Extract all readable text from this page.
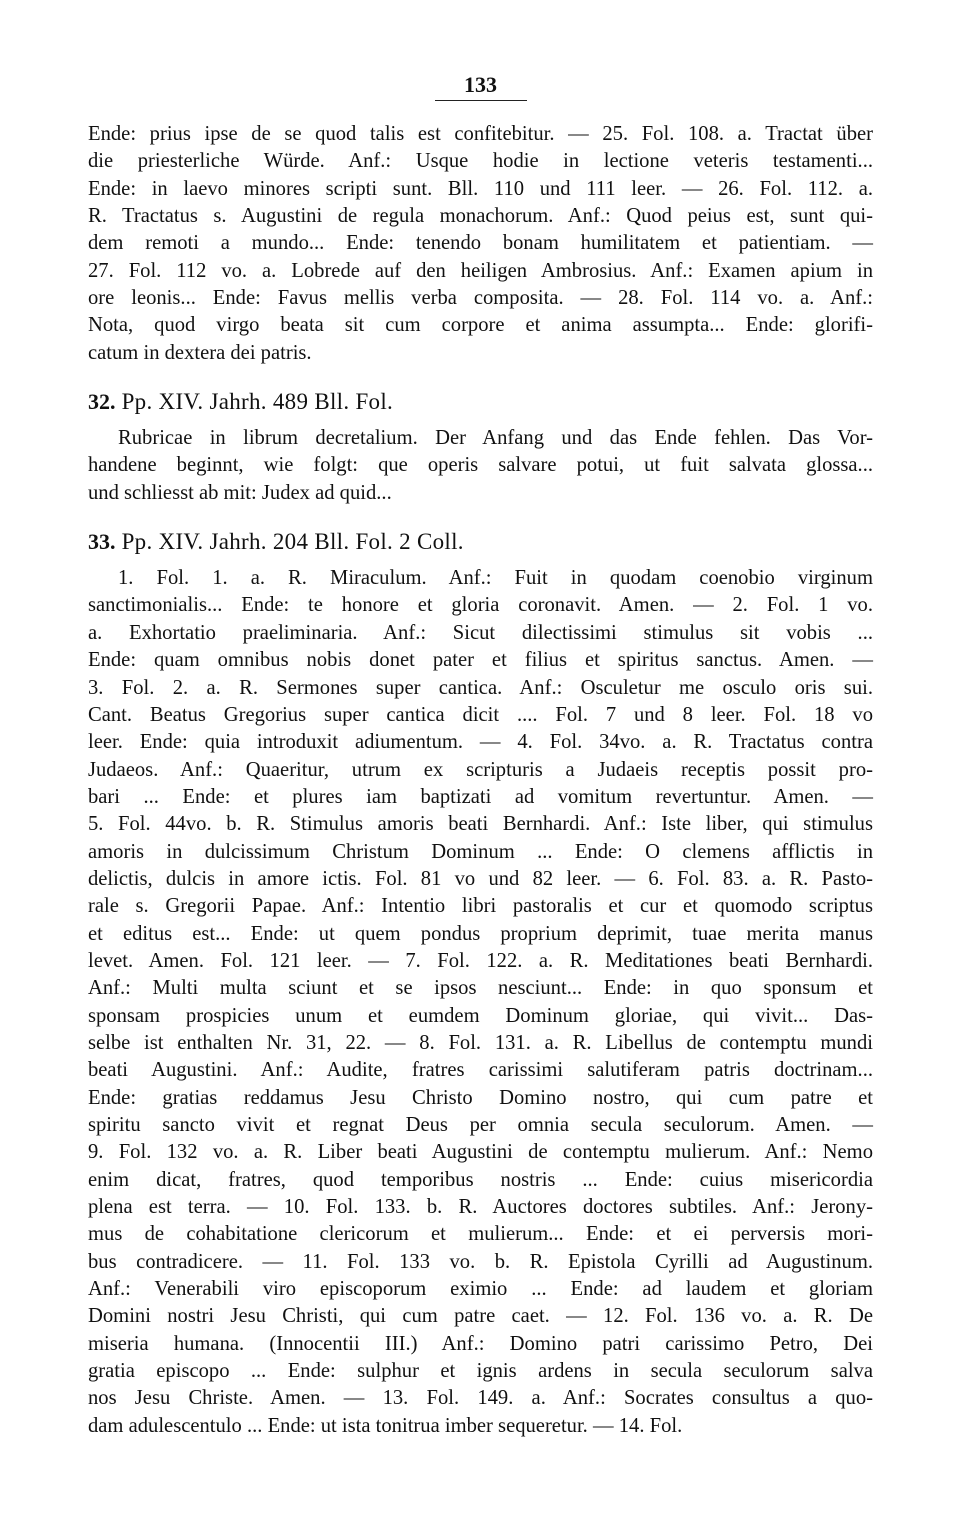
133
Ende: prius ipse de se quod talis est confitebitur. — 25. Fol. 108. a. Tractat über
die priesterliche Würde. Anf.: Usque hodie in lectione veteris testamenti...
Ende: in laevo minores scripti sunt. Bll. 110 und 111 leer. — 26. Fol. 112. a.
R. Tractatus s. Augustini de regula monachorum. Anf.: Quod peius est, sunt qui-
dem remoti a mundo... Ende: tenendo bonam humilitatem et patientiam. —
27. Fol. 112 vo. a. Lobrede auf den heiligen Ambrosius. Anf.: Examen apium in
ore leonis... Ende: Favus mellis verba composita. — 28. Fol. 114 vo. a. Anf.:
Nota, quod virgo beata sit cum corpore et anima assumpta... Ende: glorifi-
catum in dextera dei patris.
32. Pp. XIV. Jahrh. 489 Bll. Fol.
Rubricae in librum decretalium. Der Anfang und das Ende fehlen. Das Vor-
handene beginnt, wie folgt: que operis salvare potui, ut fuit salvata glossa...
und schliesst ab mit: Judex ad quid...
33. Pp. XIV. Jahrh. 204 Bll. Fol. 2 Coll.
1. Fol. 1. a. R. Miraculum. Anf.: Fuit in quodam coenobio virginum
sanctimonialis... Ende: te honore et gloria coronavit. Amen. — 2. Fol. 1 vo.
a. Exhortatio praeliminaria. Anf.: Sicut dilectissimi stimulus sit vobis ...
Ende: quam omnibus nobis donet pater et filius et spiritus sanctus. Amen. —
3. Fol. 2. a. R. Sermones super cantica. Anf.: Osculetur me osculo oris sui.
Cant. Beatus Gregorius super cantica dicit .... Fol. 7 und 8 leer. Fol. 18 vo
leer. Ende: quia introduxit adiumentum. — 4. Fol. 34vo. a. R. Tractatus contra
Judaeos. Anf.: Quaeritur, utrum ex scripturis a Judaeis receptis possit pro-
bari ... Ende: et plures iam baptizati ad vomitum revertuntur. Amen. —
5. Fol. 44vo. b. R. Stimulus amoris beati Bernhardi. Anf.: Iste liber, qui stimulus
amoris in dulcissimum Christum Dominum ... Ende: O clemens afflictis in
delictis, dulcis in amore ictis. Fol. 81 vo und 82 leer. — 6. Fol. 83. a. R. Pasto-
rale s. Gregorii Papae. Anf.: Intentio libri pastoralis et cur et quomodo scriptus
et editus est... Ende: ut quem pondus proprium deprimit, tuae merita manus
levet. Amen. Fol. 121 leer. — 7. Fol. 122. a. R. Meditationes beati Bernhardi.
Anf.: Multi multa sciunt et se ipsos nesciunt... Ende: in quo sponsum et
sponsam prospicies unum et eumdem Dominum gloriae, qui vivit... Das-
selbe ist enthalten Nr. 31, 22. — 8. Fol. 131. a. R. Libellus de contemptu mundi
beati Augustini. Anf.: Audite, fratres carissimi salutiferam patris doctrinam...
Ende: gratias reddamus Jesu Christo Domino nostro, qui cum patre et
spiritu sancto vivit et regnat Deus per omnia secula seculorum. Amen. —
9. Fol. 132 vo. a. R. Liber beati Augustini de contemptu mulierum. Anf.: Nemo
enim dicat, fratres, quod temporibus nostris ... Ende: cuius misericordia
plena est terra. — 10. Fol. 133. b. R. Auctores doctores subtiles. Anf.: Jerony-
mus de cohabitatione clericorum et mulierum... Ende: et ei perversis mori-
bus contradicere. — 11. Fol. 133 vo. b. R. Epistola Cyrilli ad Augustinum.
Anf.: Venerabili viro episcoporum eximio ... Ende: ad laudem et gloriam
Domini nostri Jesu Christi, qui cum patre caet. — 12. Fol. 136 vo. a. R. De
miseria humana. (Innocentii III.) Anf.: Domino patri carissimo Petro, Dei
gratia episcopo ... Ende: sulphur et ignis ardens in secula seculorum salva
nos Jesu Christe. Amen. — 13. Fol. 149. a. Anf.: Socrates consultus a quo-
dam adulescentulo ... Ende: ut ista tonitrua imber sequeretur. — 14. Fol.
